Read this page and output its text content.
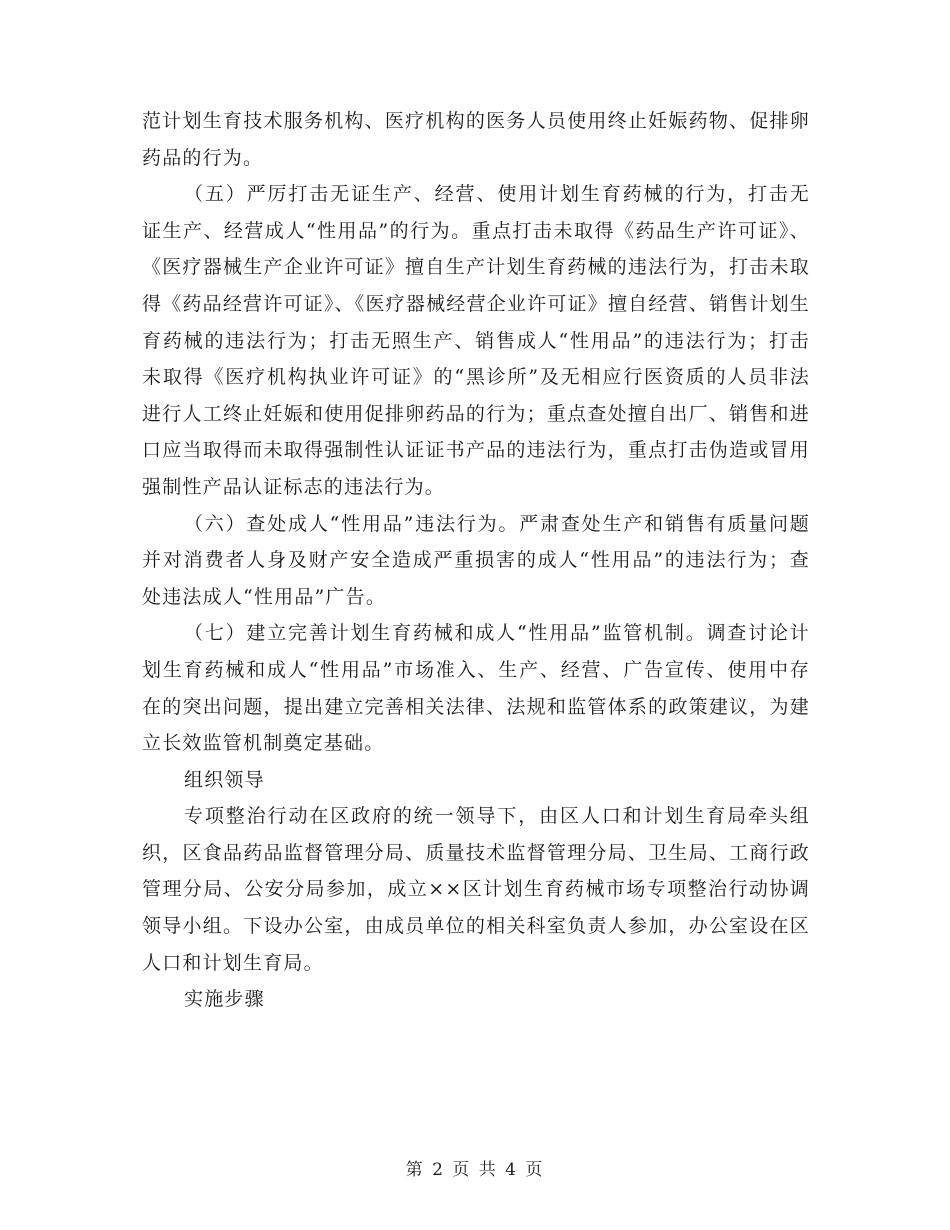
范计划生育技术服务机构、医疗机构的医务人员使用终止妊娠药物、促排卵药品的行为。

（五）严厉打击无证生产、经营、使用计划生育药械的行为，打击无证生产、经营成人“性用品”的行为。重点打击未取得《药品生产许可证》、《医疗器械生产企业许可证》擅自生产计划生育药械的违法行为，打击未取得《药品经营许可证》、《医疗器械经营企业许可证》擅自经营、销售计划生育药械的违法行为；打击无照生产、销售成人“性用品”的违法行为；打击未取得《医疗机构执业许可证》的“黑诊所”及无相应行医资质的人员非法进行人工终止妊娠和使用促排卵药品的行为；重点查处擅自出厂、销售和进口应当取得而未取得强制性认证证书产品的违法行为，重点打击伪造或冒用强制性产品认证标志的违法行为。

（六）查处成人“性用品”违法行为。严肃查处生产和销售有质量问题并对消费者人身及财产安全造成严重损害的成人“性用品”的违法行为；查处违法成人“性用品”广告。

（七）建立完善计划生育药械和成人“性用品”监管机制。调查讨论计划生育药械和成人“性用品”市场准入、生产、经营、广告宣传、使用中存在的突出问题，提出建立完善相关法律、法规和监管体系的政策建议，为建立长效监管机制奠定基础。

组织领导

专项整治行动在区政府的统一领导下，由区人口和计划生育局牵头组织，区食品药品监督管理分局、质量技术监督管理分局、卫生局、工商行政管理分局、公安分局参加，成立××区计划生育药械市场专项整治行动协调领导小组。下设办公室，由成员单位的相关科室负责人参加，办公室设在区人口和计划生育局。

实施步骤

第 2 页 共 4 页
